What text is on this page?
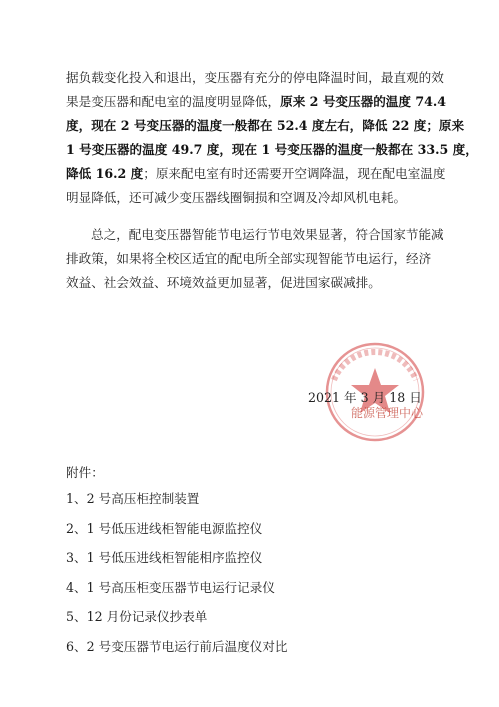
据负载变化投入和退出，变压器有充分的停电降温时间，最直观的效
果是变压器和配电室的温度明显降低，原来 2 号变压器的温度 74.4
度，现在 2 号变压器的温度一般都在 52.4 度左右，降低 22 度；原来
1 号变压器的温度 49.7 度，现在 1 号变压器的温度一般都在 33.5 度，
降低 16.2 度；原来配电室有时还需要开空调降温，现在配电室温度
明显降低，还可减少变压器线圈铜损和空调及冷却风机电耗。

总之，配电变压器智能节电运行节电效果显著，符合国家节能减
排政策，如果将全校区适宜的配电所全部实现智能节电运行，经济
效益、社会效益、环境效益更加显著，促进国家碳减排。

2021 年 3 月 18 日
能源管理中心
附件：
1、2 号高压柜控制装置
2、1 号低压进线柜智能电源监控仪
3、1 号低压进线柜智能相序监控仪
4、1 号高压柜变压器节电运行记录仪
5、12 月份记录仪抄表单
6、2 号变压器节电运行前后温度仪对比
